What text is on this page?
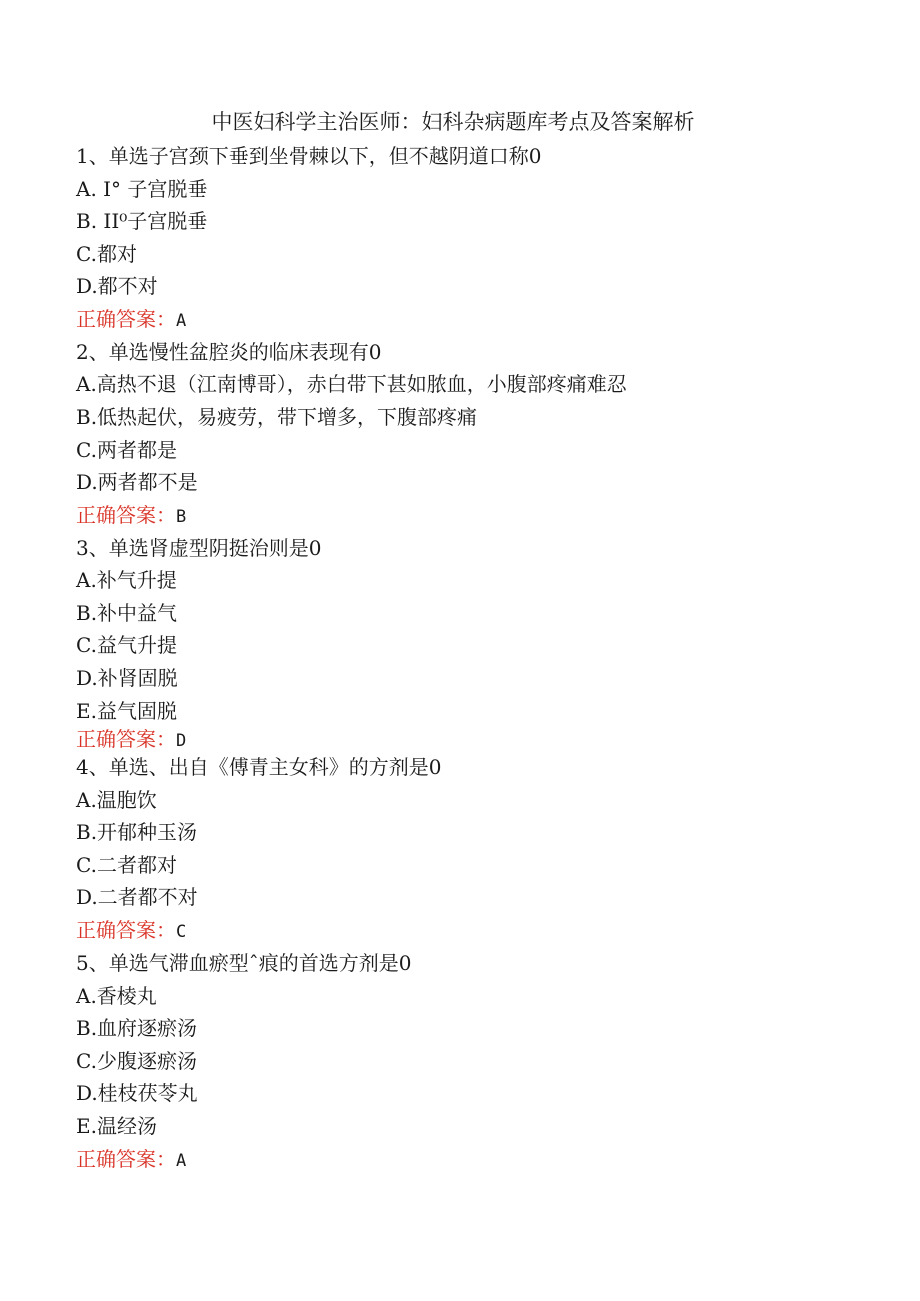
中医妇科学主治医师：妇科杂病题库考点及答案解析
1、单选子宫颈下垂到坐骨棘以下，但不越阴道口称0
A. I° 子宫脱垂
B. II⁰子宫脱垂
C.都对
D.都不对
正确答案：A
2、单选慢性盆腔炎的临床表现有0
A.高热不退（江南博哥），赤白带下甚如脓血，小腹部疼痛难忍
B.低热起伏，易疲劳，带下增多，下腹部疼痛
C.两者都是
D.两者都不是
正确答案：B
3、单选肾虚型阴挺治则是0
A.补气升提
B.补中益气
C.益气升提
D.补肾固脱
E.益气固脱
正确答案：D
4、单选、出自《傅青主女科》的方剂是0
A.温胞饮
B.开郁种玉汤
C.二者都对
D.二者都不对
正确答案：C
5、单选气滞血瘀型ˆ痕的首选方剂是0
A.香棱丸
B.血府逐瘀汤
C.少腹逐瘀汤
D.桂枝茯苓丸
E.温经汤
正确答案：A
